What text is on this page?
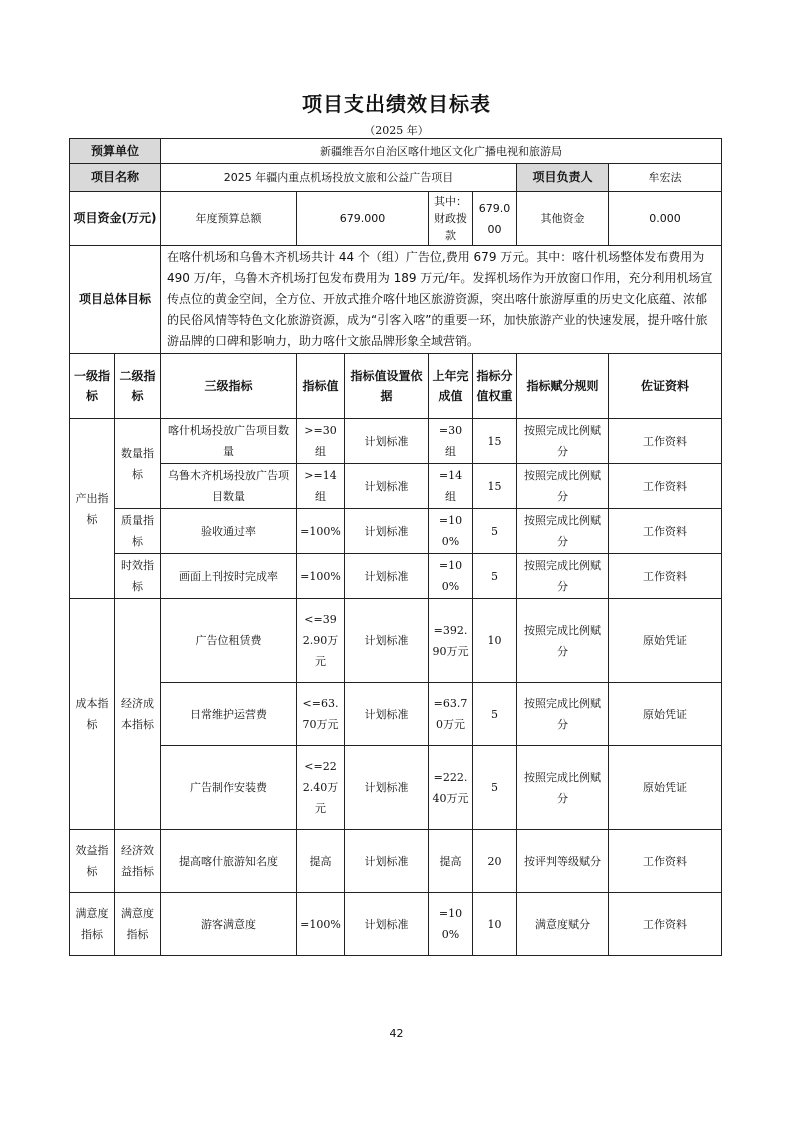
项目支出绩效目标表
（2025 年）
预算单位		新疆维吾尔自治区喀什地区文化广播电视和旅游局						
项目名称		2025 年疆内重点机场投放文旅和公益广告项目					项目负责人	牟宏法
项目资金(万元)		年度预算总额	679.000		其中：财政拨款	679.000	其他资金	0.000
项目总体目标		在喀什机场和乌鲁木齐机场共计 44 个（组）广告位,费用 679 万元。其中：喀什机场整体发布费用为 490 万/年，乌鲁木齐机场打包发布费用为 189 万元/年。发挥机场作为开放窗口作用，充分利用机场宣传点位的黄金空间，全方位、开放式推介喀什地区旅游资源，突出喀什旅游厚重的历史文化底蕴、浓郁的民俗风情等特色文化旅游资源，成为“引客入喀”的重要一环，加快旅游产业的快速发展，提升喀什旅游品牌的口碑和影响力，助力喀什文旅品牌形象全域营销。						
一级指标	二级指标	三级指标	指标值	指标值设置依据	上年完成值	指标分值权重	指标赋分规则	佐证资料
产出指标	数量指标	喀什机场投放广告项目数量	>=30 组	计划标准	=30 组	15	按照完成比例赋分	工作资料
		乌鲁木齐机场投放广告项目数量	>=14 组	计划标准	=14 组	15	按照完成比例赋分	工作资料
	质量指标	验收通过率	=100%	计划标准	=100%	5	按照完成比例赋分	工作资料
	时效指标	画面上刊按时完成率	=100%	计划标准	=100%	5	按照完成比例赋分	工作资料
成本指标	经济成本指标	广告位租赁费	<=392.90万元	计划标准	=392.90万元	10	按照完成比例赋分	原始凭证
		日常维护运营费	<=63.70万元	计划标准	=63.70万元	5	按照完成比例赋分	原始凭证
		广告制作安装费	<=222.40万元	计划标准	=222.40万元	5	按照完成比例赋分	原始凭证
效益指标	经济效益指标	提高喀什旅游知名度	提高	计划标准	提高	20	按评判等级赋分	工作资料
满意度指标	满意度指标	游客满意度	=100%	计划标准	=100%	10	满意度赋分	工作资料
42
